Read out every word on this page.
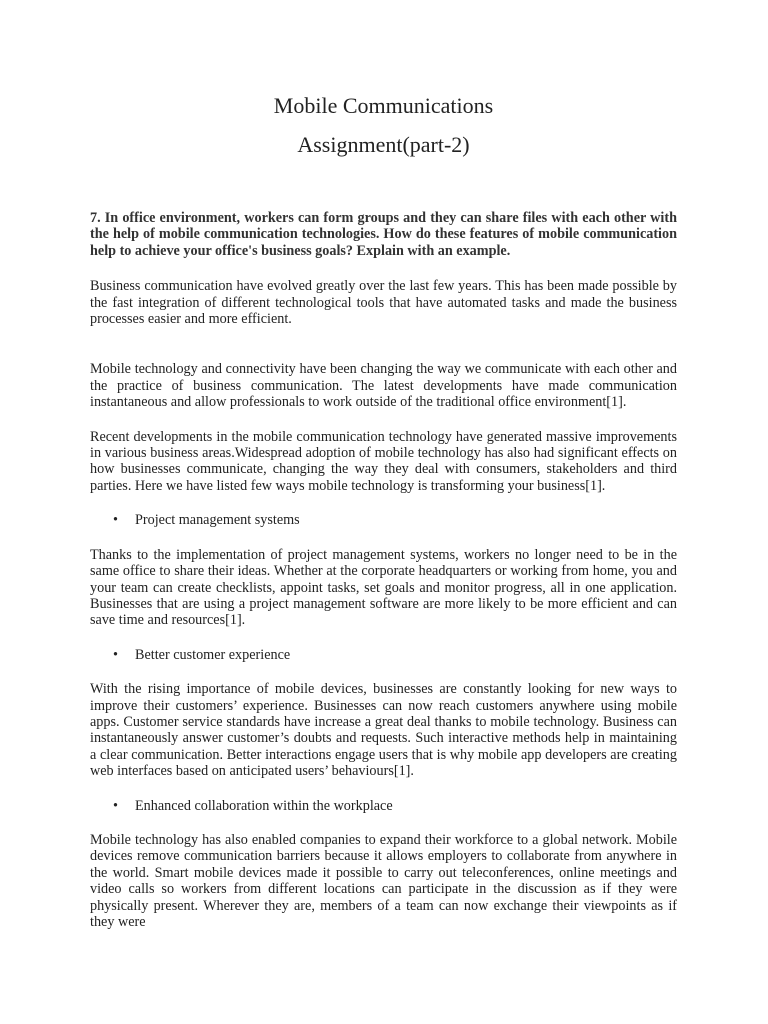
Mobile Communications
Assignment(part-2)

7. In office environment, workers can form groups and they can share files with each other with the help of mobile communication technologies. How do these features of mobile communication help to achieve your office's business goals? Explain with an example.

Business communication have evolved greatly over the last few years. This has been made possible by the fast integration of different technological tools that have automated tasks and made the business processes easier and more efficient.

Mobile technology and connectivity have been changing the way we communicate with each other and the practice of business communication. The latest developments have made communication instantaneous and allow professionals to work outside of the traditional office environment[1].

Recent developments in the mobile communication technology have generated massive improvements in various business areas.Widespread adoption of mobile technology has also had significant effects on how businesses communicate, changing the way they deal with consumers, stakeholders and third parties. Here we have listed few ways mobile technology is transforming your business[1].

• Project management systems

Thanks to the implementation of project management systems, workers no longer need to be in the same office to share their ideas. Whether at the corporate headquarters or working from home, you and your team can create checklists, appoint tasks, set goals and monitor progress, all in one application. Businesses that are using a project management software are more likely to be more efficient and can save time and resources[1].

• Better customer experience

With the rising importance of mobile devices, businesses are constantly looking for new ways to improve their customers’ experience. Businesses can now reach customers anywhere using mobile apps. Customer service standards have increase a great deal thanks to mobile technology. Business can instantaneously answer customer’s doubts and requests. Such interactive methods help in maintaining a clear communication. Better interactions engage users that is why mobile app developers are creating web interfaces based on anticipated users’ behaviours[1].

• Enhanced collaboration within the workplace

Mobile technology has also enabled companies to expand their workforce to a global network. Mobile devices remove communication barriers because it allows employers to collaborate from anywhere in the world. Smart mobile devices made it possible to carry out teleconferences, online meetings and video calls so workers from different locations can participate in the discussion as if they were physically present. Wherever they are, members of a team can now exchange their viewpoints as if they were
